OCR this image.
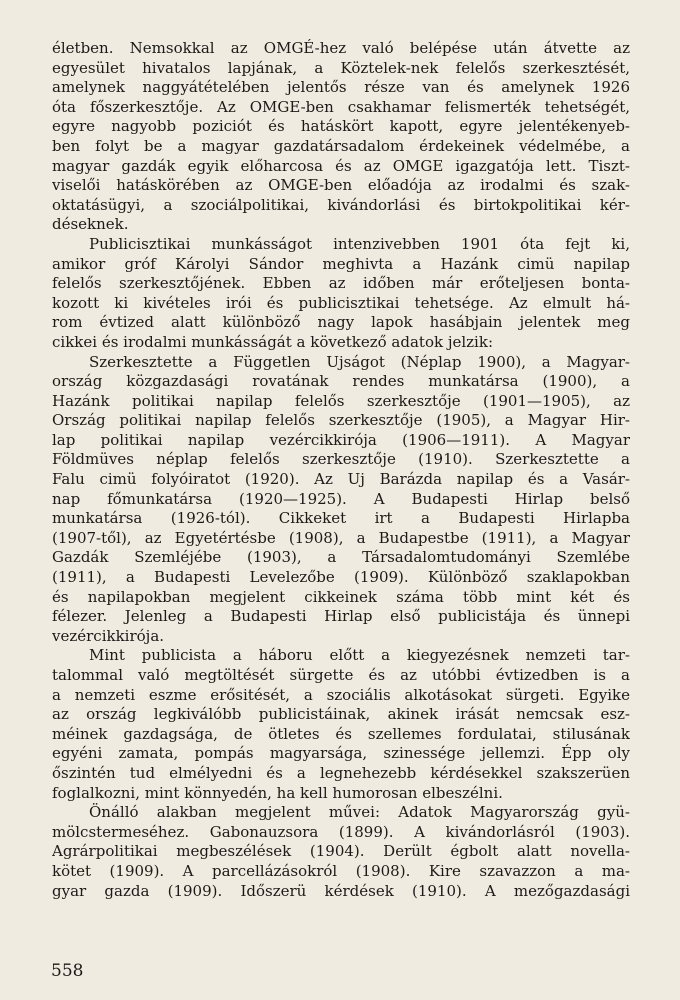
életben. Nemsokkal az OMGÉ-hez való belépése után átvette az
egyesület hivatalos lapjának, a Köztelek-nek felelős szerkesztését,
amelynek naggyátételében jelentős része van és amelynek 1926
óta főszerkesztője. Az OMGE-ben csakhamar felismerték tehetségét,
egyre nagyobb poziciót és hatáskört kapott, egyre jelentékenyeb-
ben folyt be a magyar gazdatársadalom érdekeinek védelmébe, a
magyar gazdák egyik előharcosa és az OMGE igazgatója lett. Tiszt-
viselői hatáskörében az OMGE-ben előadója az irodalmi és szak-
oktatásügyi, a szociálpolitikai, kivándorlási és birtokpolitikai kér-
déseknek.
Publicisztikai munkásságot intenzivebben 1901 óta fejt ki,
amikor gróf Károlyi Sándor meghivta a Hazánk cimü napilap
felelős szerkesztőjének. Ebben az időben már erőteljesen bonta-
kozott ki kivételes irói és publicisztikai tehetsége. Az elmult há-
rom évtized alatt különböző nagy lapok hasábjain jelentek meg
cikkei és irodalmi munkásságát a következő adatok jelzik:
Szerkesztette a Független Ujságot (Néplap 1900), a Magyar-
ország közgazdasági rovatának rendes munkatársa (1900), a
Hazánk politikai napilap felelős szerkesztője (1901—1905), az
Ország politikai napilap felelős szerkesztője (1905), a Magyar Hir-
lap politikai napilap vezércikkirója (1906—1911). A Magyar
Földmüves néplap felelős szerkesztője (1910). Szerkesztette a
Falu cimü folyóiratot (1920). Az Uj Barázda napilap és a Vasár-
nap főmunkatársa (1920—1925). A Budapesti Hirlap belső
munkatársa (1926-tól). Cikkeket irt a Budapesti Hirlapba
(1907-től), az Egyetértésbe (1908), a Budapestbe (1911), a Magyar
Gazdák Szemléjébe (1903), a Társadalomtudományi Szemlébe
(1911), a Budapesti Levelezőbe (1909). Különböző szaklapokban
és napilapokban megjelent cikkeinek száma több mint két és
félezer. Jelenleg a Budapesti Hirlap első publicistája és ünnepi
vezércikkirója.
Mint publicista a háboru előtt a kiegyezésnek nemzeti tar-
talommal való megtöltését sürgette és az utóbbi évtizedben is a
a nemzeti eszme erősitését, a szociális alkotásokat sürgeti. Egyike
az ország legkiválóbb publicistáinak, akinek irását nemcsak esz-
méinek gazdagsága, de ötletes és szellemes fordulatai, stilusának
egyéni zamata, pompás magyarsága, szinessége jellemzi. Épp oly
őszintén tud elmélyedni és a legnehezebb kérdésekkel szakszerüen
foglalkozni, mint könnyedén, ha kell humorosan elbeszélni.
Önálló alakban megjelent művei: Adatok Magyarország gyü-
mölcstermeséhez. Gabonauzsora (1899). A kivándorlásról (1903).
Agrárpolitikai megbeszélések (1904). Derült égbolt alatt novella-
kötet (1909). A parcellázásokról (1908). Kire szavazzon a ma-
gyar gazda (1909). Időszerü kérdések (1910). A mezőgazdasági
558
